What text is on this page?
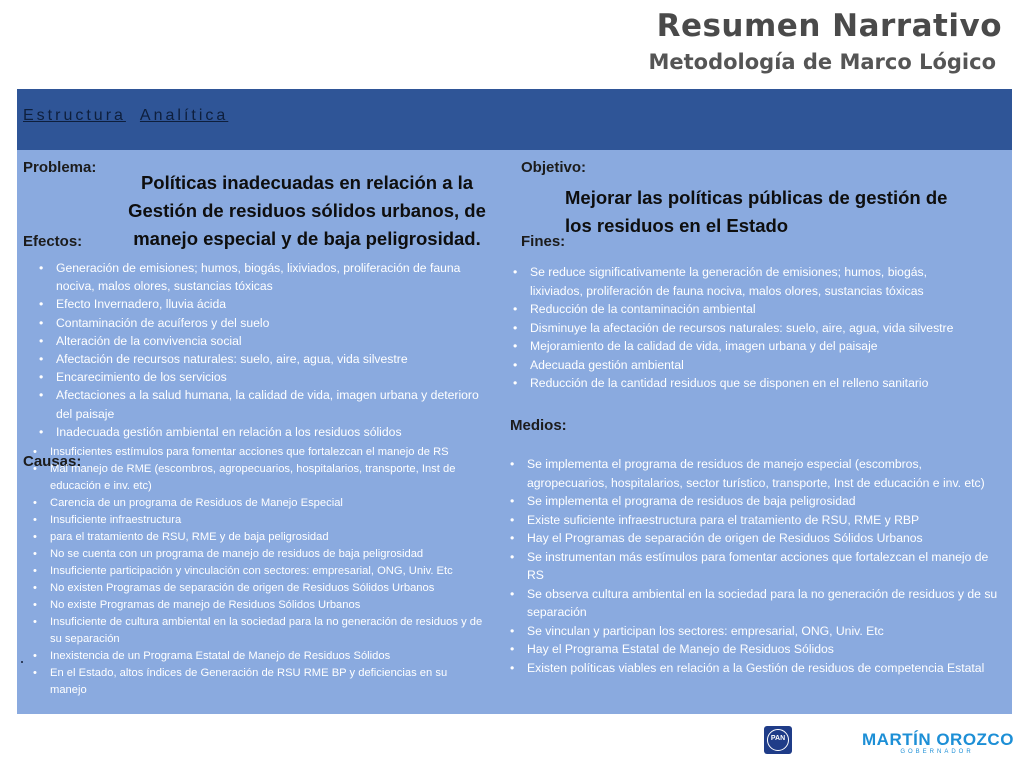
Resumen Narrativo
Metodología de Marco Lógico
Estructura Analítica
Problema:
Políticas inadecuadas en relación a la Gestión de residuos sólidos urbanos, de manejo especial y de baja peligrosidad.
Objetivo:
Mejorar las políticas públicas de gestión de los residuos en el Estado
Efectos:
• Generación de emisiones; humos, biogás, lixiviados, proliferación de fauna nociva, malos olores, sustancias tóxicas
• Efecto Invernadero, lluvia ácida
• Contaminación de acuíferos y del suelo
• Alteración de la convivencia social
• Afectación de recursos naturales: suelo, aire, agua, vida silvestre
• Encarecimiento de los servicios
• Afectaciones a la salud humana, la calidad de vida, imagen urbana y deterioro del paisaje
• Inadecuada gestión ambiental en relación a los residuos sólidos
Fines:
• Se reduce significativamente la generación de emisiones; humos, biogás, lixiviados, proliferación de fauna nociva, malos olores, sustancias tóxicas
• Reducción de la contaminación ambiental
• Disminuye la afectación de recursos naturales: suelo, aire, agua, vida silvestre
• Mejoramiento de la calidad de vida, imagen urbana y del paisaje
• Adecuada gestión ambiental
• Reducción de la cantidad residuos que se disponen en el relleno sanitario
Causas:
• Insuficientes estímulos para fomentar acciones que fortalezcan el manejo de RS
• Mal manejo de RME (escombros, agropecuarios, hospitalarios, transporte, Inst de educación e inv. etc)
• Carencia de un programa de Residuos de Manejo Especial
• Insuficiente infraestructura
• para el tratamiento de RSU, RME y de baja peligrosidad
• No se cuenta con un programa de manejo de residuos de baja peligrosidad
• Insuficiente participación y vinculación con sectores: empresarial, ONG, Univ. Etc
• No existen Programas de separación de origen de Residuos Sólidos Urbanos
• No existe Programas de manejo de Residuos Sólidos Urbanos
• Insuficiente de cultura ambiental en la sociedad para la no generación de residuos y de su separación
• Inexistencia de un Programa Estatal de Manejo de Residuos Sólidos
• En el Estado, altos índices de Generación de RSU RME BP y deficiencias en su manejo
Medios:
• Se implementa el programa de residuos de manejo especial (escombros, agropecuarios, hospitalarios, sector turístico, transporte, Inst de educación e inv. etc)
• Se implementa el programa de residuos de baja peligrosidad
• Existe suficiente infraestructura para el tratamiento de RSU, RME y RBP
• Hay el Programas de separación de origen de Residuos Sólidos Urbanos
• Se instrumentan más estímulos para fomentar acciones que fortalezcan el manejo de RS
• Se observa cultura ambiental en la sociedad para la no generación de residuos y de su separación
• Se vinculan y participan los sectores: empresarial, ONG, Univ. Etc
• Hay el Programa Estatal de Manejo de Residuos Sólidos
• Existen políticas viables en relación a la Gestión de residuos de competencia Estatal
PAN	MARTÍN OROZCO
GOBERNADOR
